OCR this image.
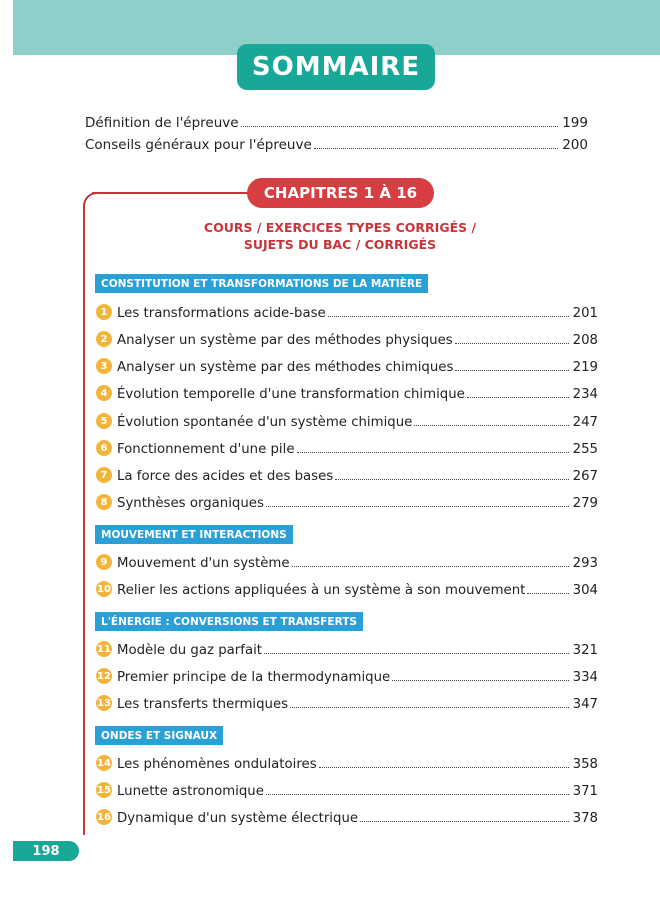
SOMMAIRE
Définition de l'épreuve	199
Conseils généraux pour l'épreuve	200
CHAPITRES 1 À 16
COURS / EXERCICES TYPES CORRIGÉS /
SUJETS DU BAC / CORRIGÉS
CONSTITUTION ET TRANSFORMATIONS DE LA MATIÈRE
MOUVEMENT ET INTERACTIONS
L'ÉNERGIE : CONVERSIONS ET TRANSFERTS
ONDES ET SIGNAUX
1 Les transformations acide-base	201
2 Analyser un système par des méthodes physiques	208
3 Analyser un système par des méthodes chimiques	219
4 Évolution temporelle d'une transformation chimique	234
5 Évolution spontanée d'un système chimique	247
6 Fonctionnement d'une pile	255
7 La force des acides et des bases	267
8 Synthèses organiques	279
9 Mouvement d'un système	293
10 Relier les actions appliquées à un système à son mouvement	304
11 Modèle du gaz parfait	321
12 Premier principe de la thermodynamique	334
13 Les transferts thermiques	347
14 Les phénomènes ondulatoires	358
15 Lunette astronomique	371
16 Dynamique d'un système électrique	378
198
